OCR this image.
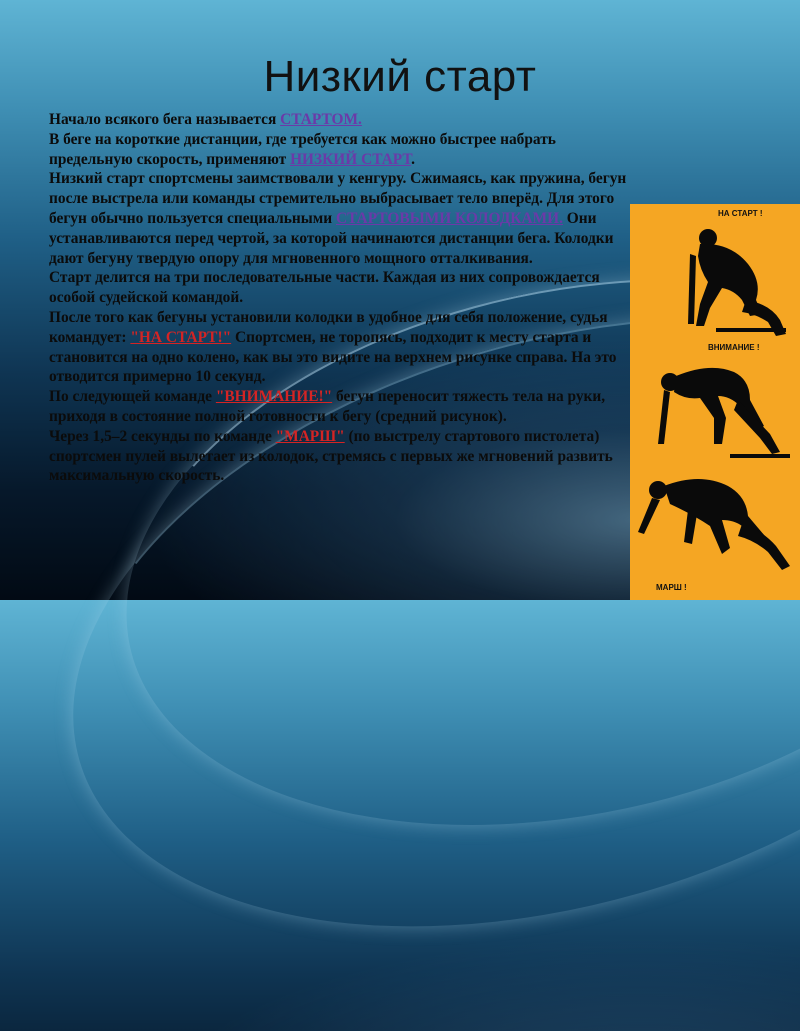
Низкий старт

Начало всякого бега называется СТАРТОМ.

В беге на короткие дистанции, где требуется как можно быстрее набрать предельную скорость, применяют НИЗКИЙ СТАРТ.

Низкий старт спортсмены заимствовали у кенгуру. Сжимаясь, как пружина, бегун после выстрела или команды стремительно выбрасывает тело вперёд. Для этого бегун обычно пользуется специальными СТАРТОВЫМИ КОЛОДКАМИ. Они устанавливаются перед чертой, за которой начинаются дистанции бега. Колодки дают бегуну твердую опору для мгновенного мощного отталкивания.

Старт делится на три последовательные части. Каждая из них сопровождается особой судейской командой.

После того как бегуны установили колодки в удобное для себя положение, судья командует: "НА СТАРТ!" Спортсмен, не торопясь, подходит к месту старта и становится на одно колено, как вы это видите на верхнем рисунке справа. На это отводится примерно 10 секунд.

По следующей команде "ВНИМАНИЕ!" бегун переносит тяжесть тела на руки, приходя в состояние полной готовности к бегу (средний рисунок).

Через 1,5–2 секунды по команде "МАРШ" (по выстрелу стартового пистолета) спортсмен пулей вылетает из колодок, стремясь с первых же мгновений развить максимальную скорость.

НА СТАРТ !
ВНИМАНИЕ !
МАРШ !
